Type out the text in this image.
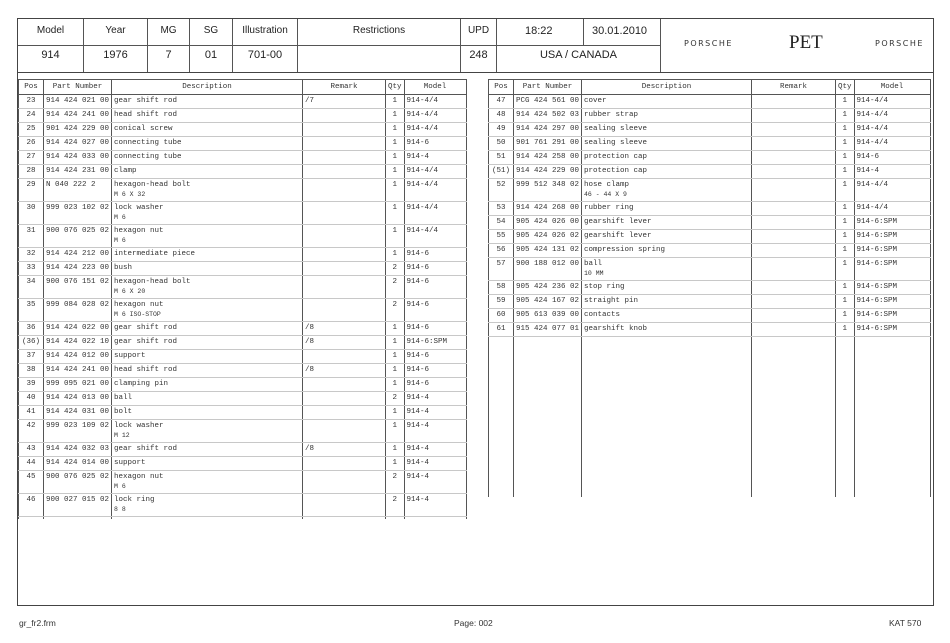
Model
914
Year
1976
MG
7
SG
01
Illustration
701-00
Restrictions	UPD
248
18:22	30.01.2010
USA / CANADA
PORSCHE	PET	PORSCHE
Pos	Part Number	Description	Remark	Qty	Model
23	914 424 021 00	gear shift rod	/7	1	914-4/4
24	914 424 241 00	head shift rod		1	914-4/4
25	901 424 229 00	conical screw		1	914-4/4
26	914 424 027 00	connecting tube		1	914-6
27	914 424 033 00	connecting tube		1	914-4
28	914 424 231 00	clamp		1	914-4/4
29	N 040 222 2	hexagon-head bolt
M 6 X 32		1	914-4/4
30	999 023 102 02	lock washer
M 6		1	914-4/4
31	900 076 025 02	hexagon nut
M 6		1	914-4/4
32	914 424 212 00	intermediate piece		1	914-6
33	914 424 223 00	bush		2	914-6
34	900 076 151 02	hexagon-head bolt
M 6 X 20		2	914-6
35	999 084 028 02	hexagon nut
M 6 ISO-STOP		2	914-6
36	914 424 022 00	gear shift rod	/8	1	914-6
(36)	914 424 022 10	gear shift rod	/8	1	914-6:SPM
37	914 424 012 00	support		1	914-6
38	914 424 241 00	head shift rod	/8	1	914-6
39	999 095 021 00	clamping pin		1	914-6
40	914 424 013 00	ball		2	914-4
41	914 424 031 00	bolt		1	914-4
42	999 023 109 02	lock washer
M 12		1	914-4
43	914 424 032 03	gear shift rod	/8	1	914-4
44	914 424 014 00	support		1	914-4
45	900 076 025 02	hexagon nut
M 6		2	914-4
46	900 027 015 02	lock ring
8 8		2	914-4

Pos	Part Number	Description	Remark	Qty	Model
47	PCG 424 561 00	cover		1	914-4/4
48	914 424 502 03	rubber strap		1	914-4/4
49	914 424 297 00	sealing sleeve		1	914-4/4
50	901 761 291 00	sealing sleeve		1	914-4/4
51	914 424 258 00	protection cap		1	914-6
(51)	914 424 229 00	protection cap		1	914-4
52	999 512 348 02	hose clamp
46 - 44 X 9		1	914-4/4
53	914 424 268 00	rubber ring		1	914-4/4
54	905 424 026 00	gearshift lever		1	914-6:SPM
55	905 424 026 02	gearshift lever		1	914-6:SPM
56	905 424 131 02	compression spring		1	914-6:SPM
57	900 188 012 00	ball
10 MM		1	914-6:SPM
58	905 424 236 02	stop ring		1	914-6:SPM
59	905 424 167 02	straight pin		1	914-6:SPM
60	905 613 039 00	contacts		1	914-6:SPM
61	915 424 077 01	gearshift knob		1	914-6:SPM

gr_fr2.frm	Page: 002	KAT 570
